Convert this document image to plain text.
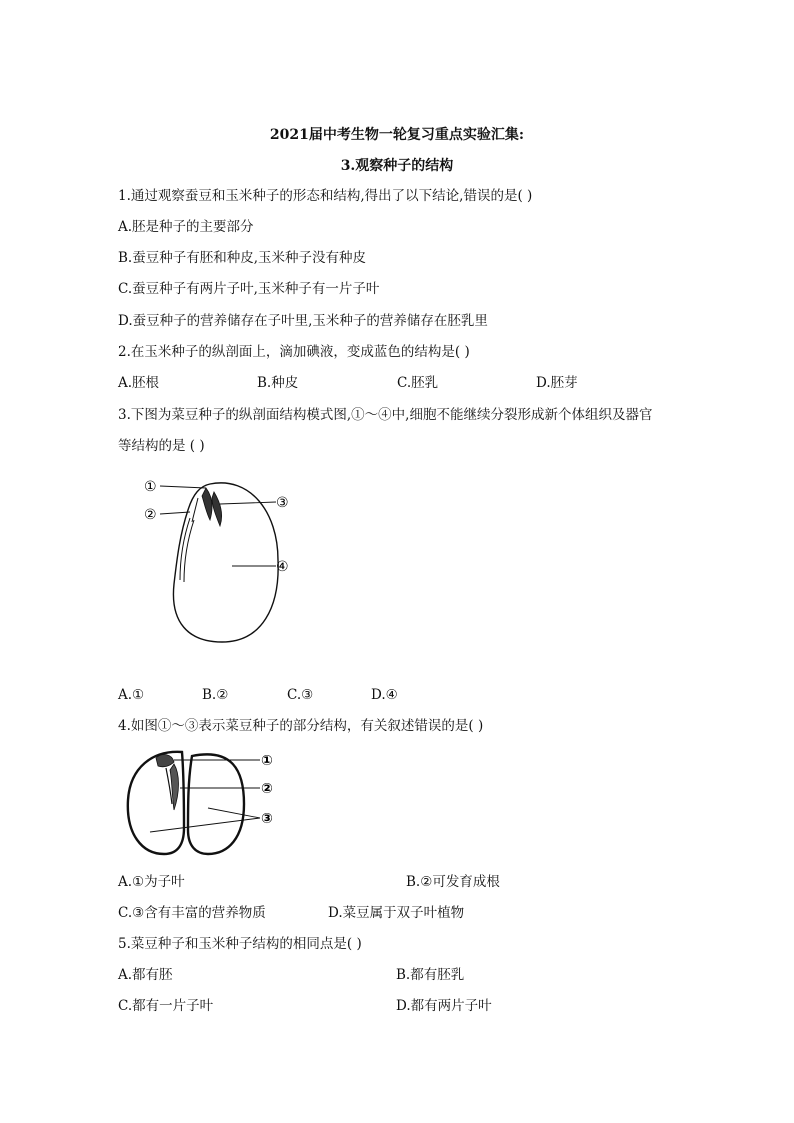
2021届中考生物一轮复习重点实验汇集:
3.观察种子的结构
1.通过观察蚕豆和玉米种子的形态和结构,得出了以下结论,错误的是( )
A.胚是种子的主要部分
B.蚕豆种子有胚和种皮,玉米种子没有种皮
C.蚕豆种子有两片子叶,玉米种子有一片子叶
D.蚕豆种子的营养储存在子叶里,玉米种子的营养储存在胚乳里
2.在玉米种子的纵剖面上，滴加碘液，变成蓝色的结构是( )
A.胚根	B.种皮	C.胚乳	D.胚芽
3.下图为菜豆种子的纵剖面结构模式图,①～④中,细胞不能继续分裂形成新个体组织及器官
等结构的是 ( )
①
②
③
④
A.①	B.②	C.③	D.④
4.如图①～③表示菜豆种子的部分结构，有关叙述错误的是( )
①
②
③
A.①为子叶	B.②可发育成根
C.③含有丰富的营养物质	D.菜豆属于双子叶植物
5.菜豆种子和玉米种子结构的相同点是( )
A.都有胚	B.都有胚乳
C.都有一片子叶	D.都有两片子叶
